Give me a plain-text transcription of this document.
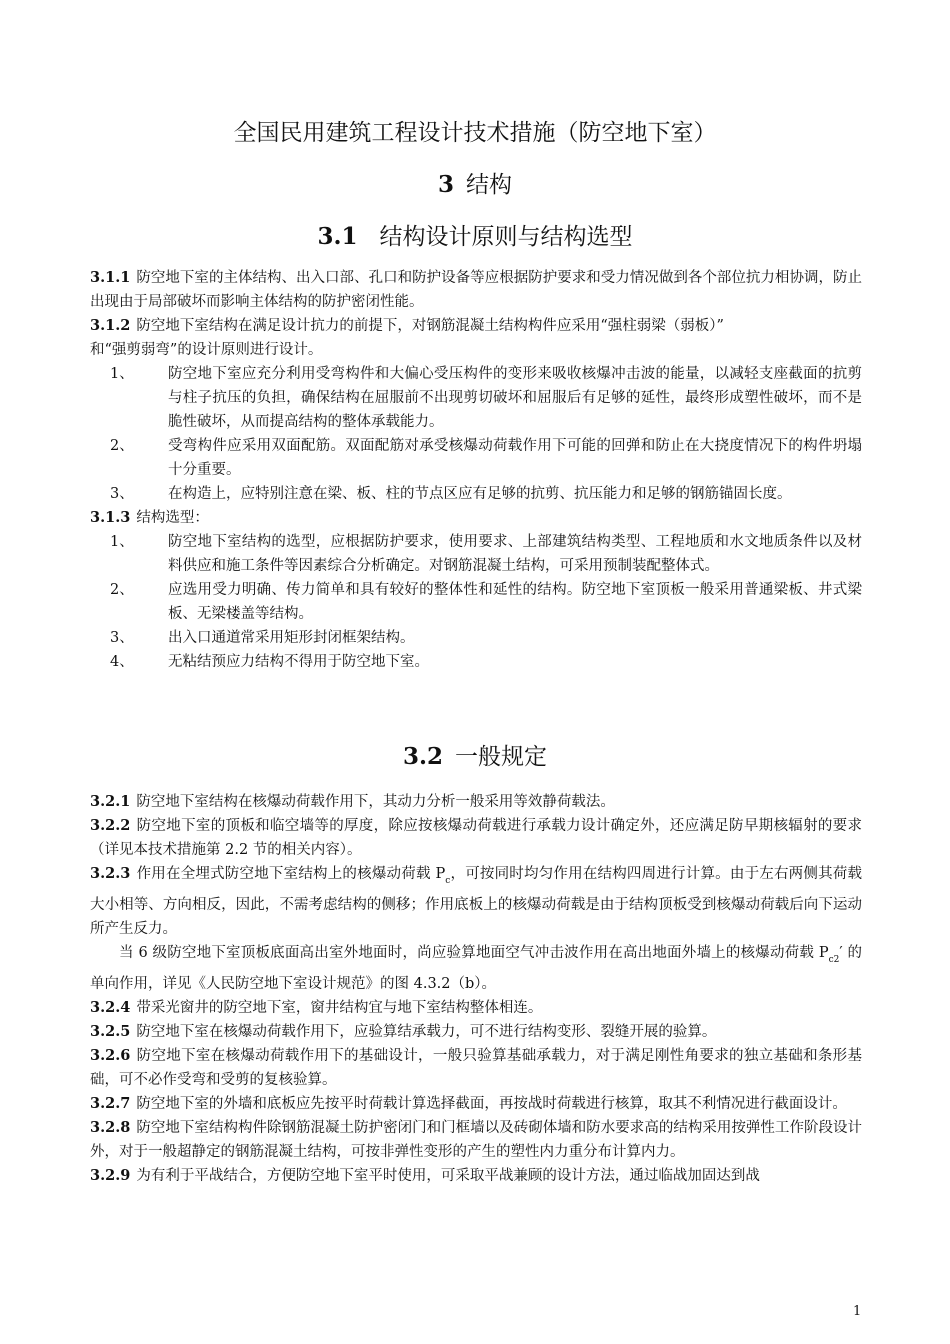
全国民用建筑工程设计技术措施（防空地下室）
3 结构
3.1 结构设计原则与结构选型

3.1.1 防空地下室的主体结构、出入口部、孔口和防护设备等应根据防护要求和受力情况做到各个部位抗力相协调，防止出现由于局部破坏而影响主体结构的防护密闭性能。

3.1.2 防空地下室结构在满足设计抗力的前提下，对钢筋混凝土结构构件应采用“强柱弱梁（弱板）”
和“强剪弱弯”的设计原则进行设计。

1、 防空地下室应充分利用受弯构件和大偏心受压构件的变形来吸收核爆冲击波的能量，以减轻支座截面的抗剪与柱子抗压的负担，确保结构在屈服前不出现剪切破坏和屈服后有足够的延性，最终形成塑性破坏，而不是脆性破坏，从而提高结构的整体承载能力。

2、 受弯构件应采用双面配筋。双面配筋对承受核爆动荷载作用下可能的回弹和防止在大挠度情况下的构件坍塌十分重要。

3、 在构造上，应特别注意在梁、板、柱的节点区应有足够的抗剪、抗压能力和足够的钢筋锚固长度。

3.1.3 结构选型：

1、 防空地下室结构的选型，应根据防护要求，使用要求、上部建筑结构类型、工程地质和水文地质条件以及材料供应和施工条件等因素综合分析确定。对钢筋混凝土结构，可采用预制装配整体式。

2、 应选用受力明确、传力简单和具有较好的整体性和延性的结构。防空地下室顶板一般采用普通梁板、井式梁板、无梁楼盖等结构。

3、 出入口通道常采用矩形封闭框架结构。

4、 无粘结预应力结构不得用于防空地下室。

3.2 一般规定

3.2.1 防空地下室结构在核爆动荷载作用下，其动力分析一般采用等效静荷载法。

3.2.2 防空地下室的顶板和临空墙等的厚度，除应按核爆动荷载进行承载力设计确定外，还应满足防早期核辐射的要求（详见本技术措施第 2.2 节的相关内容）。

3.2.3 作用在全埋式防空地下室结构上的核爆动荷载 $P_c$，可按同时均匀作用在结构四周进行计算。由于左右两侧其荷载大小相等、方向相反，因此，不需考虑结构的侧移；作用底板上的核爆动荷载是由于结构顶板受到核爆动荷载后向下运动所产生反力。

当 6 级防空地下室顶板底面高出室外地面时，尚应验算地面空气冲击波作用在高出地面外墙上的核爆动荷载 $P_{c2}'$ 的单向作用，详见《人民防空地下室设计规范》的图 4.3.2（b）。

3.2.4 带采光窗井的防空地下室，窗井结构宜与地下室结构整体相连。

3.2.5 防空地下室在核爆动荷载作用下，应验算结承载力，可不进行结构变形、裂缝开展的验算。

3.2.6 防空地下室在核爆动荷载作用下的基础设计，一般只验算基础承载力，对于满足刚性角要求的独立基础和条形基础，可不必作受弯和受剪的复核验算。

3.2.7 防空地下室的外墙和底板应先按平时荷载计算选择截面，再按战时荷载进行核算，取其不利情况进行截面设计。

3.2.8 防空地下室结构构件除钢筋混凝土防护密闭门和门框墙以及砖砌体墙和防水要求高的结构采用按弹性工作阶段设计外，对于一般超静定的钢筋混凝土结构，可按非弹性变形的产生的塑性内力重分布计算内力。

3.2.9 为有利于平战结合，方便防空地下室平时使用，可采取平战兼顾的设计方法，通过临战加固达到战

1
